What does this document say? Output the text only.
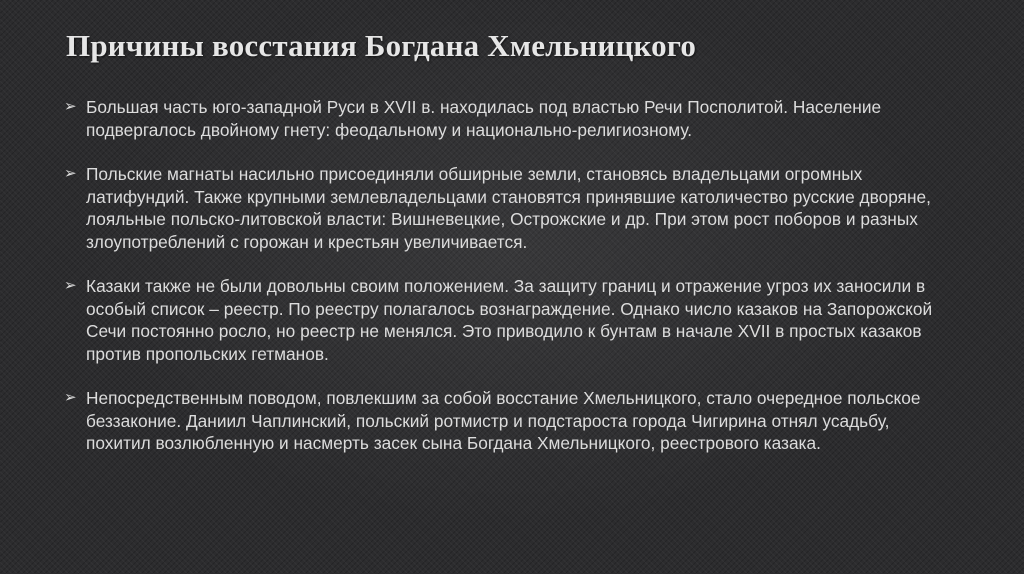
Причины восстания Богдана Хмельницкого
➢ Большая часть юго-западной Руси в XVII в. находилась под властью Речи Посполитой. Население подвергалось двойному гнету: феодальному и национально-религиозному.
➢ Польские магнаты насильно присоединяли обширные земли, становясь владельцами огромных латифундий. Также крупными землевладельцами становятся принявшие католичество русские дворяне, лояльные польско-литовской власти: Вишневецкие, Острожские и др. При этом рост поборов и разных злоупотреблений с горожан и крестьян увеличивается.
➢ Казаки также не были довольны своим положением. За защиту границ и отражение угроз их заносили в особый список – реестр. По реестру полагалось вознаграждение. Однако число казаков на Запорожской Сечи постоянно росло, но реестр не менялся. Это приводило к бунтам в начале XVII в простых казаков против пропольских гетманов.
➢ Непосредственным поводом, повлекшим за собой восстание Хмельницкого, стало очередное польское беззаконие. Даниил Чаплинский, польский ротмистр и подстароста города Чигирина отнял усадьбу, похитил возлюбленную и насмерть засек сына Богдана Хмельницкого, реестрового казака.
